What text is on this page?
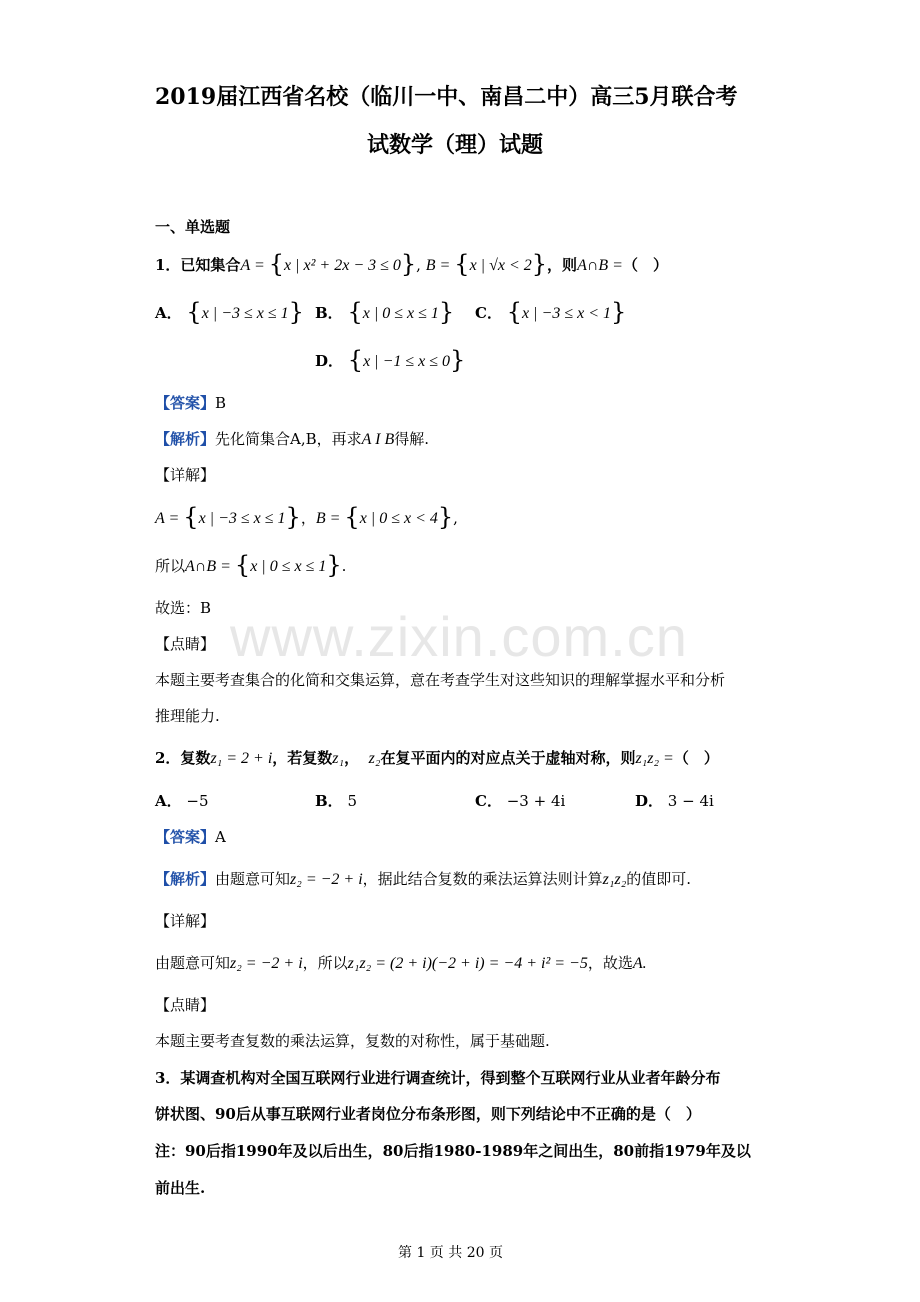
2019届江西省名校（临川一中、南昌二中）高三5月联合考
试数学（理）试题
一、单选题
1．已知集合A = {x | x² + 2x − 3 ≤ 0}, B = {x | √x < 2}，则A∩B =（　）
A． {x | −3 ≤ x ≤ 1} B． {x | 0 ≤ x ≤ 1} C． {x | −3 ≤ x < 1}
D． {x | −1 ≤ x ≤ 0}
【答案】B
【解析】先化简集合A,B，再求A I B得解.
【详解】
A = {x | −3 ≤ x ≤ 1}，B = {x | 0 ≤ x < 4},
所以A∩B = {x | 0 ≤ x ≤ 1}.
故选：B
【点睛】
本题主要考查集合的化简和交集运算，意在考查学生对这些知识的理解掌握水平和分析
推理能力.
www.zixin.com.cn
2．复数z₁ = 2 + i，若复数z₁， z₂在复平面内的对应点关于虚轴对称，则z₁z₂ =（　）
A． −5	B． 5	C． −3 + 4i	D． 3 − 4i
【答案】A
【解析】由题意可知z₂ = −2 + i，据此结合复数的乘法运算法则计算z₁z₂的值即可.
【详解】
由题意可知z₂ = −2 + i，所以z₁z₂ = (2 + i)(−2 + i) = −4 + i² = −5，故选A.
【点睛】
本题主要考查复数的乘法运算，复数的对称性，属于基础题.
3．某调查机构对全国互联网行业进行调查统计，得到整个互联网行业从业者年龄分布
饼状图、90后从事互联网行业者岗位分布条形图，则下列结论中不正确的是（　）
注：90后指1990年及以后出生，80后指1980-1989年之间出生，80前指1979年及以
前出生.
第 1 页 共 20 页
